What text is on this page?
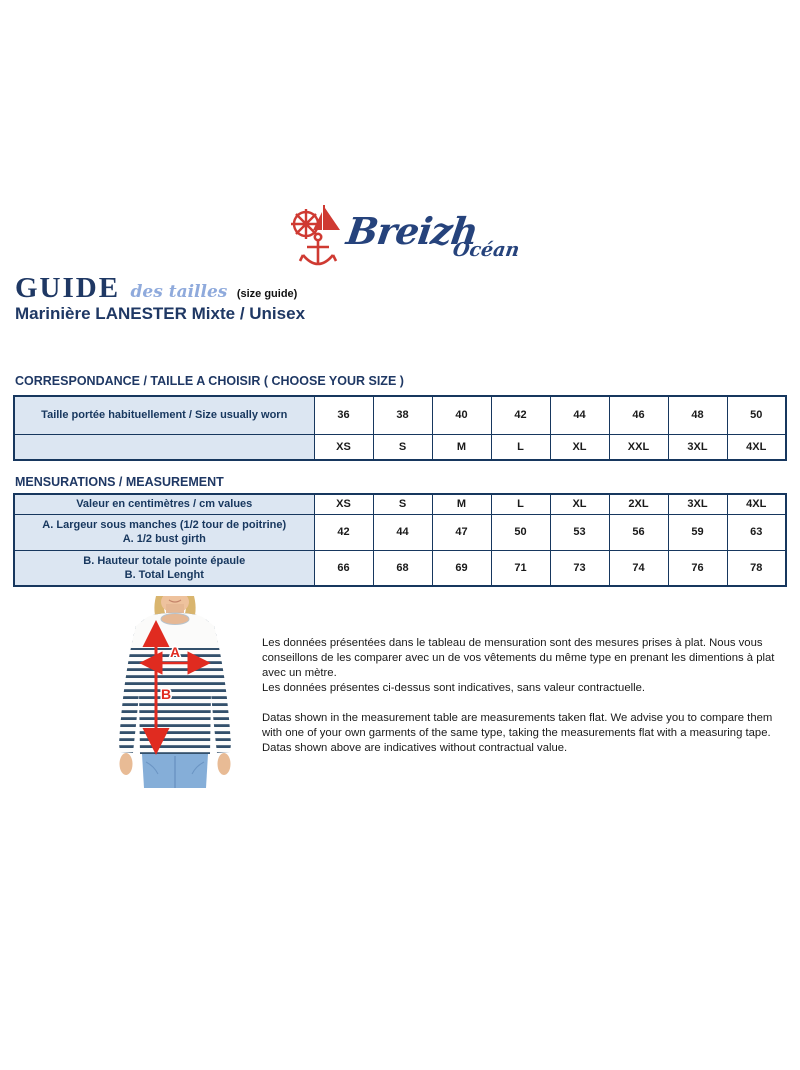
Breizh
Océan
GUIDE des tailles (size guide)
Marinière LANESTER Mixte / Unisex
CORRESPONDANCE / TAILLE A CHOISIR ( CHOOSE YOUR SIZE )
Taille portée habituellement / Size usually worn	36	38	40	42	44	46	48	50
	XS	S	M	L	XL	XXL	3XL	4XL
MENSURATIONS / MEASUREMENT
Valeur en centimètres / cm values	XS	S	M	L	XL	2XL	3XL	4XL

A. Largeur sous manches (1/2 tour de poitrine)
A. 1/2 bust girth	42	44	47	50	53	56	59	63

B. Hauteur totale pointe épaule
B. Total Lenght	66	68	69	71	73	74	76	78
A
B

Les données présentées dans le tableau de mensuration sont des mesures prises à plat. Nous vous conseillons de les comparer avec un de vos vêtements du même type en prenant les dimentions à plat avec un mètre.
Les données présentes ci-dessus sont indicatives, sans valeur contractuelle.

Datas shown in the measurement table are measurements taken flat. We advise you to compare them with one of your own garments of the same type, taking the measurements flat with a measuring tape.
Datas shown above are indicatives without contractual value.
